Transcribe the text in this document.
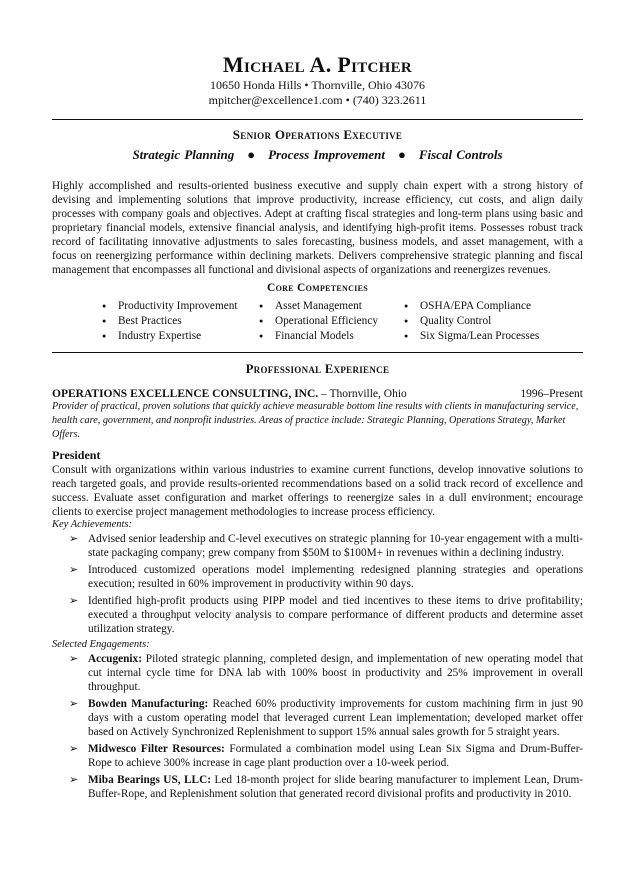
Michael A. Pitcher
10650 Honda Hills • Thornville, Ohio 43076
mpitcher@excellence1.com • (740) 323.2611
Senior Operations Executive
Strategic Planning ● Process Improvement ● Fiscal Controls
Highly accomplished and results-oriented business executive and supply chain expert with a strong history of devising and implementing solutions that improve productivity, increase efficiency, cut costs, and align daily processes with company goals and objectives. Adept at crafting fiscal strategies and long-term plans using basic and proprietary financial models, extensive financial analysis, and identifying high-profit items. Possesses robust track record of facilitating innovative adjustments to sales forecasting, business models, and asset management, with a focus on reenergizing performance within declining markets. Delivers comprehensive strategic planning and fiscal management that encompasses all functional and divisional aspects of organizations and reenergizes revenues.
Core Competencies
● Productivity Improvement
● Best Practices
● Industry Expertise
● Asset Management
● Operational Efficiency
● Financial Models
● OSHA/EPA Compliance
● Quality Control
● Six Sigma/Lean Processes
Professional Experience
OPERATIONS EXCELLENCE CONSULTING, INC. – Thornville, Ohio	1996–Present
Provider of practical, proven solutions that quickly achieve measurable bottom line results with clients in manufacturing service, health care, government, and nonprofit industries. Areas of practice include: Strategic Planning, Operations Strategy, Market Offers.
President
Consult with organizations within various industries to examine current functions, develop innovative solutions to reach targeted goals, and provide results-oriented recommendations based on a solid track record of excellence and success. Evaluate asset configuration and market offerings to reenergize sales in a dull environment; encourage clients to exercise project management methodologies to increase process efficiency.
Key Achievements:
➢ Advised senior leadership and C-level executives on strategic planning for 10-year engagement with a multi-state packaging company; grew company from $50M to $100M+ in revenues within a declining industry.
➢ Introduced customized operations model implementing redesigned planning strategies and operations execution; resulted in 60% improvement in productivity within 90 days.
➢ Identified high-profit products using PIPP model and tied incentives to these items to drive profitability; executed a throughput velocity analysis to compare performance of different products and determine asset utilization strategy.
Selected Engagements:
➢ Accugenix: Piloted strategic planning, completed design, and implementation of new operating model that cut internal cycle time for DNA lab with 100% boost in productivity and 25% improvement in overall throughput.
➢ Bowden Manufacturing: Reached 60% productivity improvements for custom machining firm in just 90 days with a custom operating model that leveraged current Lean implementation; developed market offer based on Actively Synchronized Replenishment to support 15% annual sales growth for 5 straight years.
➢ Midwesco Filter Resources: Formulated a combination model using Lean Six Sigma and Drum-Buffer-Rope to achieve 300% increase in cage plant production over a 10-week period.
➢ Miba Bearings US, LLC: Led 18-month project for slide bearing manufacturer to implement Lean, Drum-Buffer-Rope, and Replenishment solution that generated record divisional profits and productivity in 2010.
